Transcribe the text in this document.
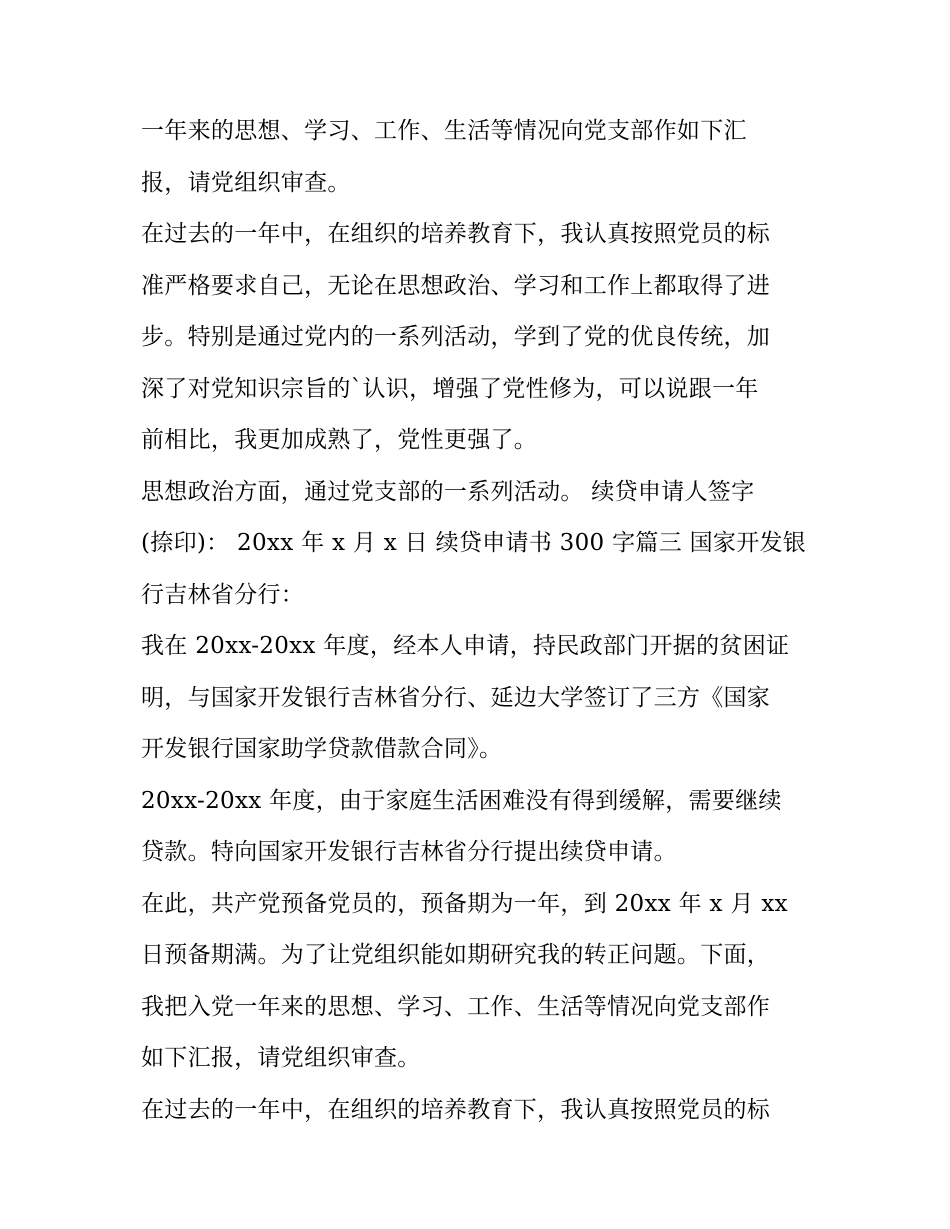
一年来的思想、学习、工作、生活等情况向党支部作如下汇
报，请党组织审查。
在过去的一年中，在组织的培养教育下，我认真按照党员的标
准严格要求自己，无论在思想政治、学习和工作上都取得了进
步。特别是通过党内的一系列活动，学到了党的优良传统，加
深了对党知识宗旨的`认识，增强了党性修为，可以说跟一年
前相比，我更加成熟了，党性更强了。
思想政治方面，通过党支部的一系列活动。 续贷申请人签字
(捺印)： 20xx 年 x 月 x 日 续贷申请书 300 字篇三 国家开发银
行吉林省分行：
我在 20xx-20xx 年度，经本人申请，持民政部门开据的贫困证
明，与国家开发银行吉林省分行、延边大学签订了三方《国家
开发银行国家助学贷款借款合同》。
20xx-20xx 年度，由于家庭生活困难没有得到缓解，需要继续
贷款。特向国家开发银行吉林省分行提出续贷申请。
在此，共产党预备党员的，预备期为一年，到 20xx 年 x 月 xx
日预备期满。为了让党组织能如期研究我的转正问题。下面，
我把入党一年来的思想、学习、工作、生活等情况向党支部作
如下汇报，请党组织审查。
在过去的一年中，在组织的培养教育下，我认真按照党员的标
